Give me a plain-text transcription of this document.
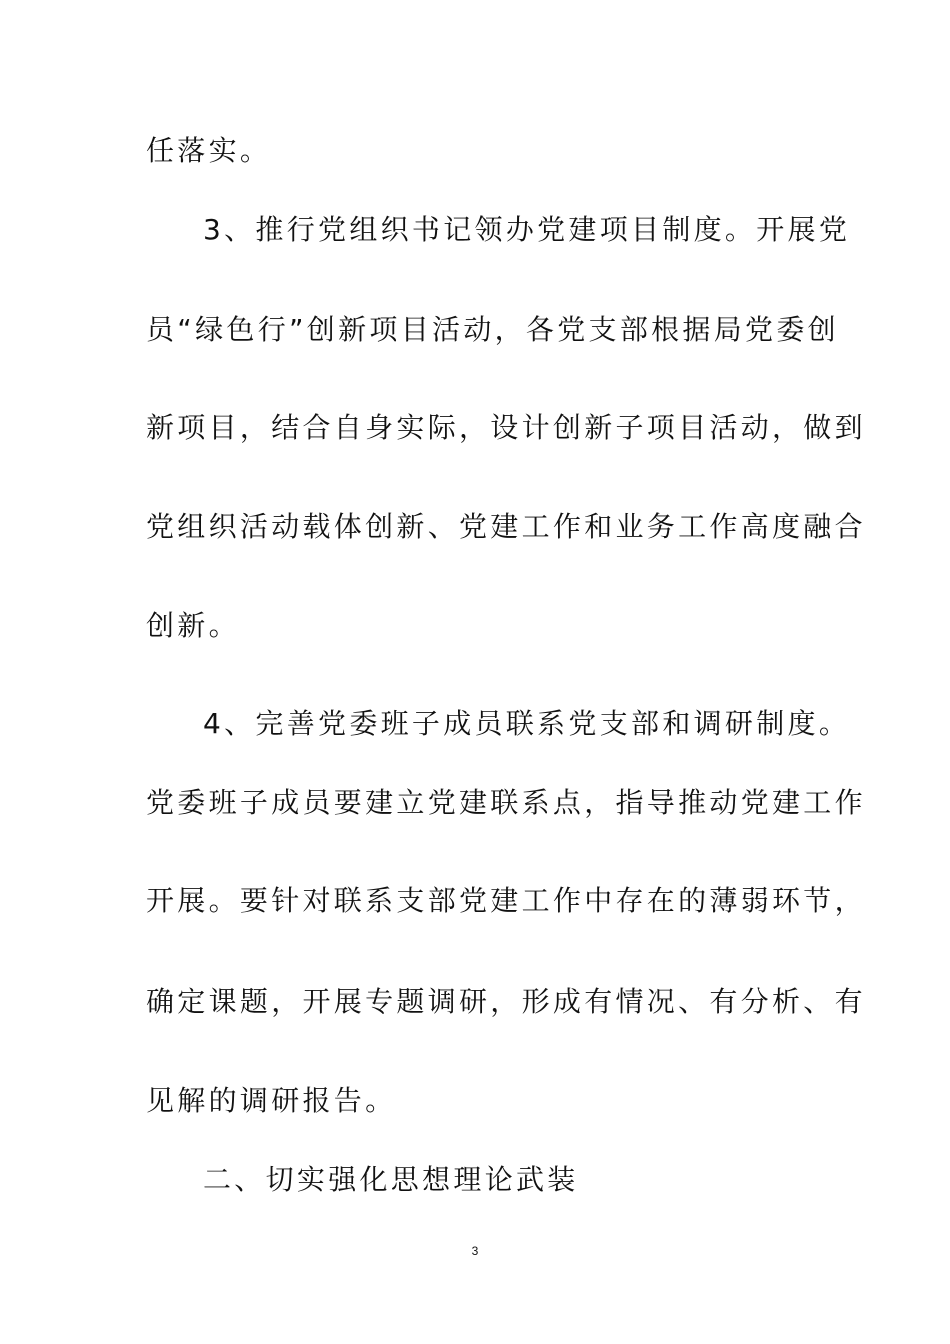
任落实。
3、推行党组织书记领办党建项目制度。开展党
员“绿色行”创新项目活动，各党支部根据局党委创
新项目，结合自身实际，设计创新子项目活动，做到
党组织活动载体创新、党建工作和业务工作高度融合
创新。
4、完善党委班子成员联系党支部和调研制度。
党委班子成员要建立党建联系点，指导推动党建工作
开展。要针对联系支部党建工作中存在的薄弱环节，
确定课题，开展专题调研，形成有情况、有分析、有
见解的调研报告。
二、切实强化思想理论武装
3
